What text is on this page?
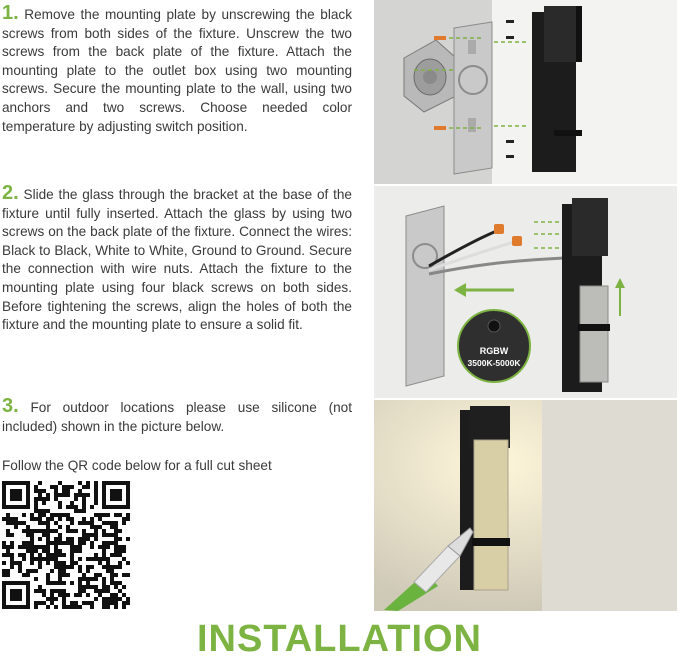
1. Remove the mounting plate by unscrewing the black screws from both sides of the fixture. Unscrew the two screws from the back plate of the fixture. Attach the mounting plate to the outlet box using two mounting screws. Secure the mounting plate to the wall, using two anchors and two screws. Choose needed color temperature by adjusting switch position.

2. Slide the glass through the bracket at the base of the fixture until fully inserted. Attach the glass by using two screws on the back plate of the fixture. Connect the wires: Black to Black, White to White, Ground to Ground. Secure the connection with wire nuts. Attach the fixture to the mounting plate using four black screws on both sides. Before tightening the screws, align the holes of both the fixture and the mounting plate to ensure a solid fit.

3. For outdoor locations please use silicone (not included) shown in the picture below.

Follow the QR code below for a full cut sheet

RGBW
3500K-5000K
INSTALLATION
